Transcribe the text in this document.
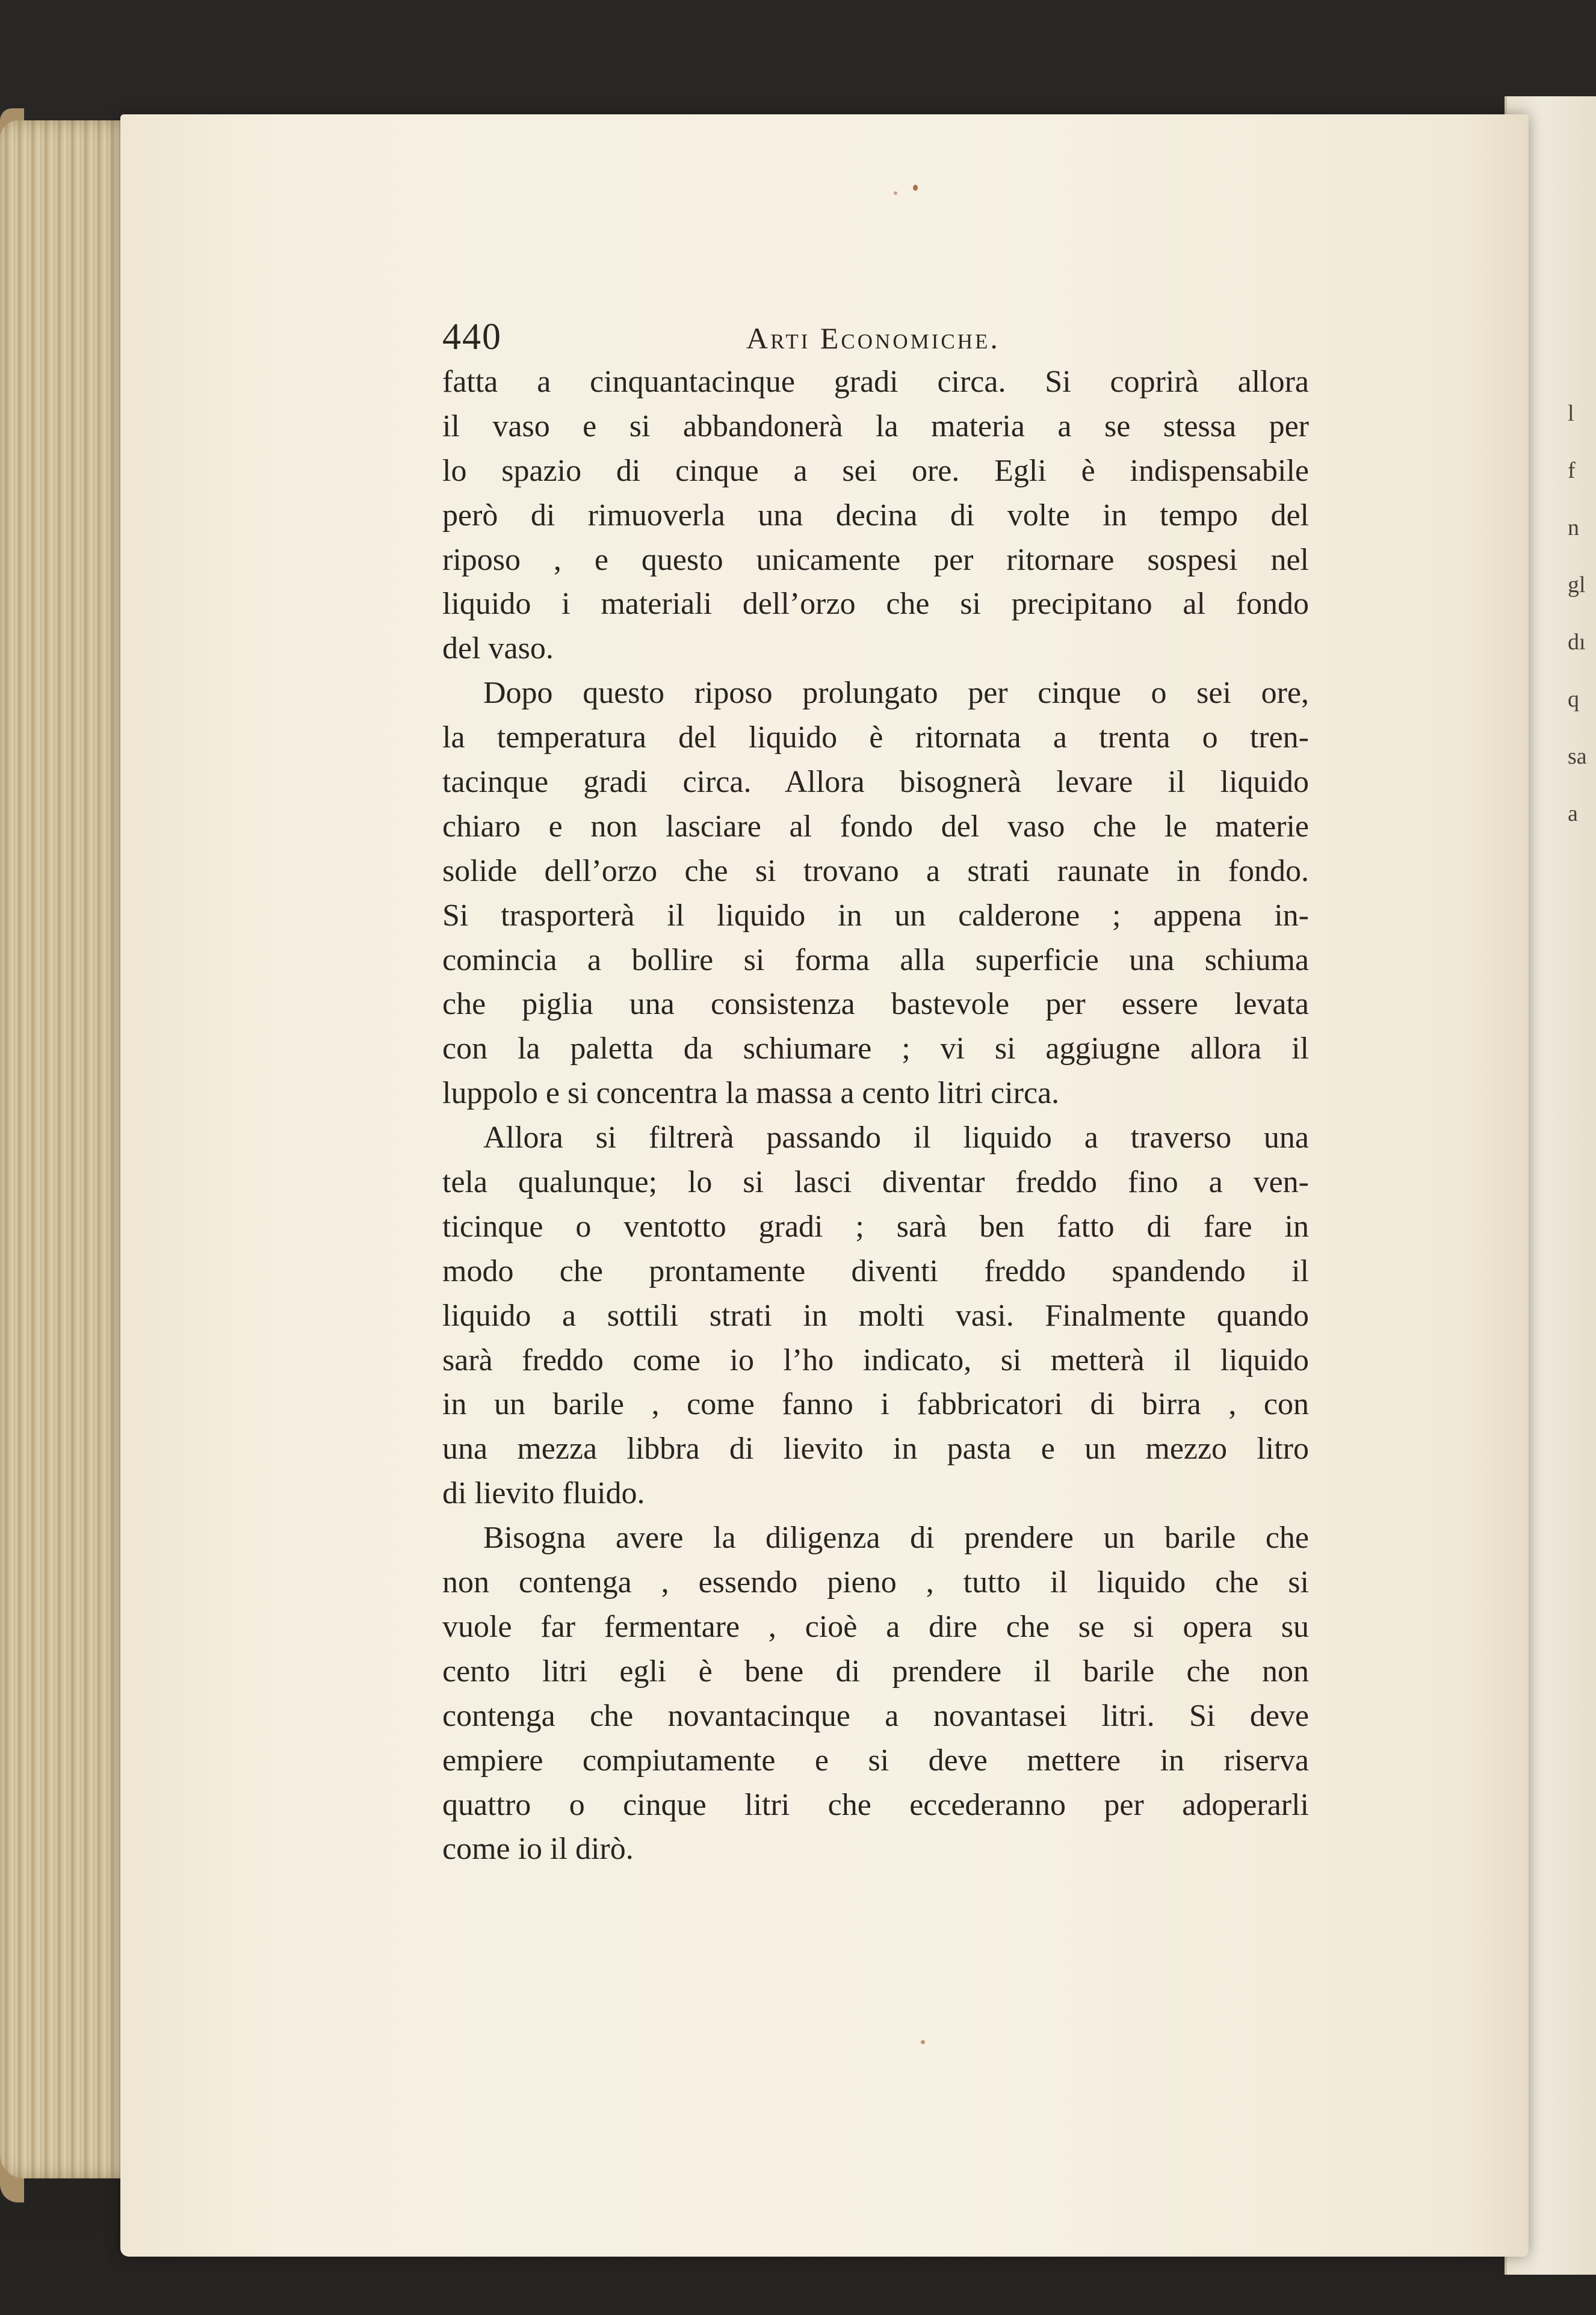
l
f
n
gl
dı
q
sa
a
440	Arti Economiche.
fatta a cinquantacinque gradi circa. Si coprirà allora
il vaso e si abbandonerà la materia a se stessa per
lo spazio di cinque a sei ore. Egli è indispensabile
però di rimuoverla una decina di volte in tempo del
riposo , e questo unicamente per ritornare sospesi nel
liquido i materiali dell’orzo che si precipitano al fondo
del vaso.
Dopo questo riposo prolungato per cinque o sei ore,
la temperatura del liquido è ritornata a trenta o tren-
tacinque gradi circa. Allora bisognerà levare il liquido
chiaro e non lasciare al fondo del vaso che le materie
solide dell’orzo che si trovano a strati raunate in fondo.
Si trasporterà il liquido in un calderone ; appena in-
comincia a bollire si forma alla superficie una schiuma
che piglia una consistenza bastevole per essere levata
con la paletta da schiumare ; vi si aggiugne allora il
luppolo e si concentra la massa a cento litri circa.
Allora si filtrerà passando il liquido a traverso una
tela qualunque; lo si lasci diventar freddo fino a ven-
ticinque o ventotto gradi ; sarà ben fatto di fare in
modo che prontamente diventi freddo spandendo il
liquido a sottili strati in molti vasi. Finalmente quando
sarà freddo come io l’ho indicato, si metterà il liquido
in un barile , come fanno i fabbricatori di birra , con
una mezza libbra di lievito in pasta e un mezzo litro
di lievito fluido.
Bisogna avere la diligenza di prendere un barile che
non contenga , essendo pieno , tutto il liquido che si
vuole far fermentare , cioè a dire che se si opera su
cento litri egli è bene di prendere il barile che non
contenga che novantacinque a novantasei litri. Si deve
empiere compiutamente e si deve mettere in riserva
quattro o cinque litri che eccederanno per adoperarli
come io il dirò.
